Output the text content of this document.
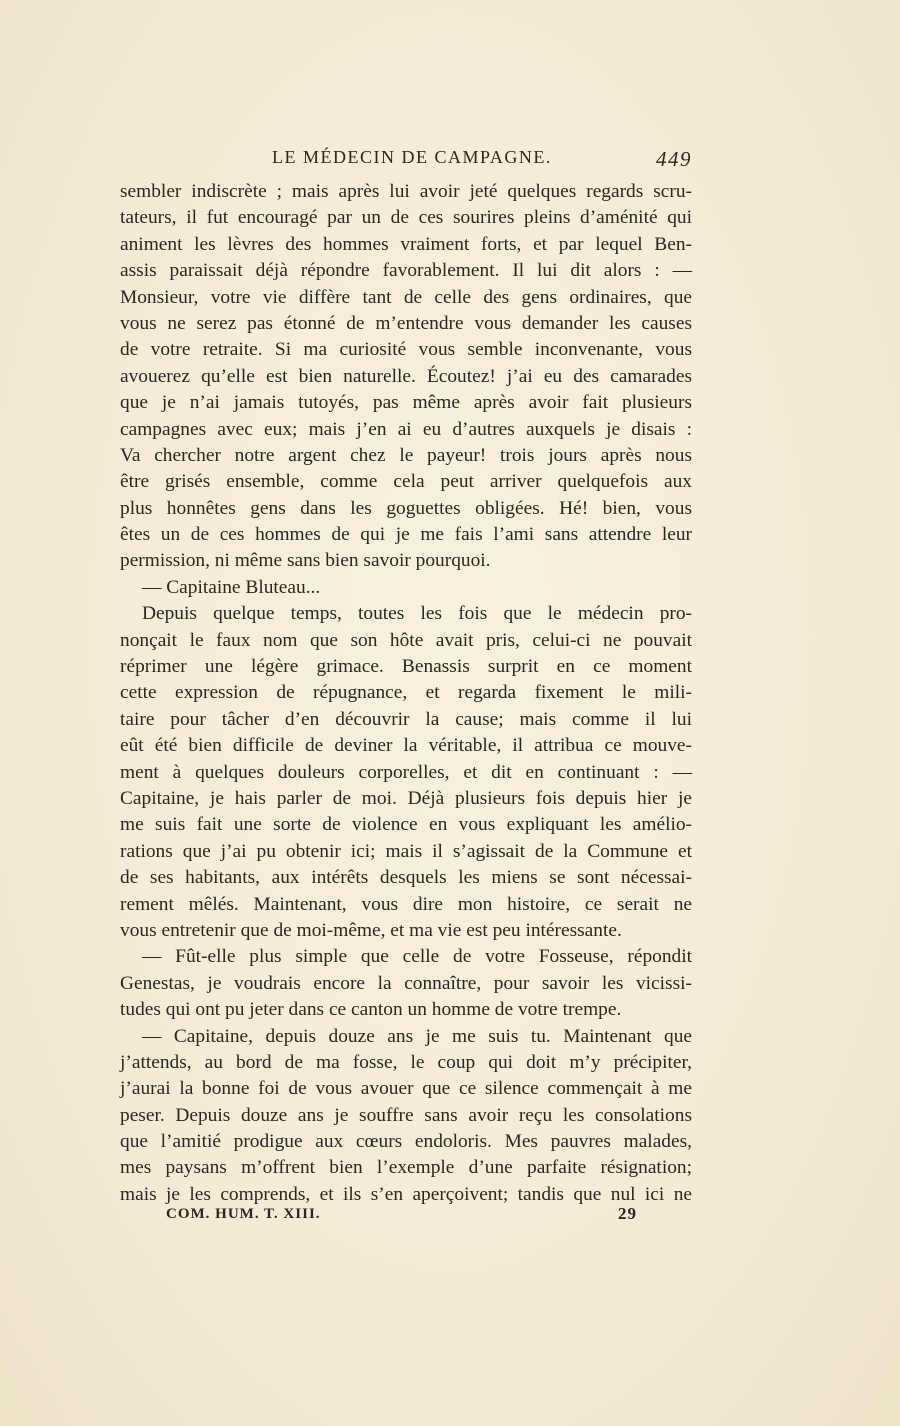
LE MÉDECIN DE CAMPAGNE.	449
sembler indiscrète ; mais après lui avoir jeté quelques regards scru-
tateurs, il fut encouragé par un de ces sourires pleins d’aménité qui
animent les lèvres des hommes vraiment forts, et par lequel Ben-
assis paraissait déjà répondre favorablement. Il lui dit alors : —
Monsieur, votre vie diffère tant de celle des gens ordinaires, que
vous ne serez pas étonné de m’entendre vous demander les causes
de votre retraite. Si ma curiosité vous semble inconvenante, vous
avouerez qu’elle est bien naturelle. Écoutez! j’ai eu des camarades
que je n’ai jamais tutoyés, pas même après avoir fait plusieurs
campagnes avec eux; mais j’en ai eu d’autres auxquels je disais :
Va chercher notre argent chez le payeur! trois jours après nous
être grisés ensemble, comme cela peut arriver quelquefois aux
plus honnêtes gens dans les goguettes obligées. Hé! bien, vous
êtes un de ces hommes de qui je me fais l’ami sans attendre leur
permission, ni même sans bien savoir pourquoi.
— Capitaine Bluteau...
Depuis quelque temps, toutes les fois que le médecin pro-
nonçait le faux nom que son hôte avait pris, celui-ci ne pouvait
réprimer une légère grimace. Benassis surprit en ce moment
cette expression de répugnance, et regarda fixement le mili-
taire pour tâcher d’en découvrir la cause; mais comme il lui
eût été bien difficile de deviner la véritable, il attribua ce mouve-
ment à quelques douleurs corporelles, et dit en continuant : —
Capitaine, je hais parler de moi. Déjà plusieurs fois depuis hier je
me suis fait une sorte de violence en vous expliquant les amélio-
rations que j’ai pu obtenir ici; mais il s’agissait de la Commune et
de ses habitants, aux intérêts desquels les miens se sont nécessai-
rement mêlés. Maintenant, vous dire mon histoire, ce serait ne
vous entretenir que de moi-même, et ma vie est peu intéressante.
— Fût-elle plus simple que celle de votre Fosseuse, répondit
Genestas, je voudrais encore la connaître, pour savoir les vicissi-
tudes qui ont pu jeter dans ce canton un homme de votre trempe.
— Capitaine, depuis douze ans je me suis tu. Maintenant que
j’attends, au bord de ma fosse, le coup qui doit m’y précipiter,
j’aurai la bonne foi de vous avouer que ce silence commençait à me
peser. Depuis douze ans je souffre sans avoir reçu les consolations
que l’amitié prodigue aux cœurs endoloris. Mes pauvres malades,
mes paysans m’offrent bien l’exemple d’une parfaite résignation;
mais je les comprends, et ils s’en aperçoivent; tandis que nul ici ne
COM. HUM. T. XIII.	29
